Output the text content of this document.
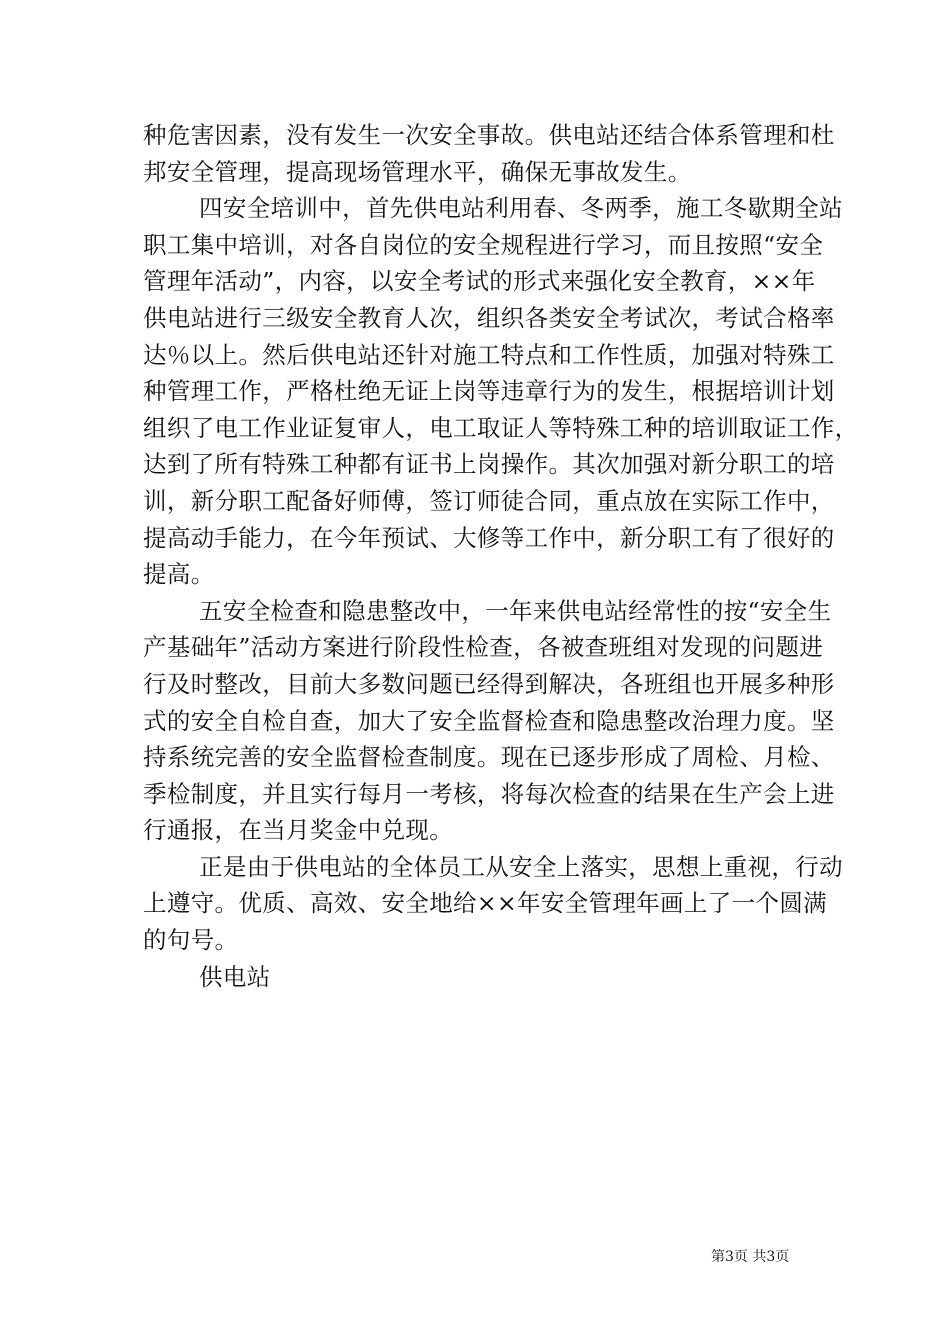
种危害因素，没有发生一次安全事故。供电站还结合体系管理和杜
邦安全管理，提高现场管理水平，确保无事故发生。
四安全培训中，首先供电站利用春、冬两季，施工冬歇期全站
职工集中培训，对各自岗位的安全规程进行学习，而且按照“安全
管理年活动”，内容，以安全考试的形式来强化安全教育，××年
供电站进行三级安全教育人次，组织各类安全考试次，考试合格率
达％以上。然后供电站还针对施工特点和工作性质，加强对特殊工
种管理工作，严格杜绝无证上岗等违章行为的发生，根据培训计划
组织了电工作业证复审人，电工取证人等特殊工种的培训取证工作，
达到了所有特殊工种都有证书上岗操作。其次加强对新分职工的培
训，新分职工配备好师傅，签订师徒合同，重点放在实际工作中，
提高动手能力，在今年预试、大修等工作中，新分职工有了很好的
提高。
五安全检查和隐患整改中，一年来供电站经常性的按“安全生
产基础年”活动方案进行阶段性检查，各被查班组对发现的问题进
行及时整改，目前大多数问题已经得到解决，各班组也开展多种形
式的安全自检自查，加大了安全监督检查和隐患整改治理力度。坚
持系统完善的安全监督检查制度。现在已逐步形成了周检、月检、
季检制度，并且实行每月一考核，将每次检查的结果在生产会上进
行通报，在当月奖金中兑现。
正是由于供电站的全体员工从安全上落实，思想上重视，行动
上遵守。优质、高效、安全地给××年安全管理年画上了一个圆满
的句号。
供电站
第3页 共3页
